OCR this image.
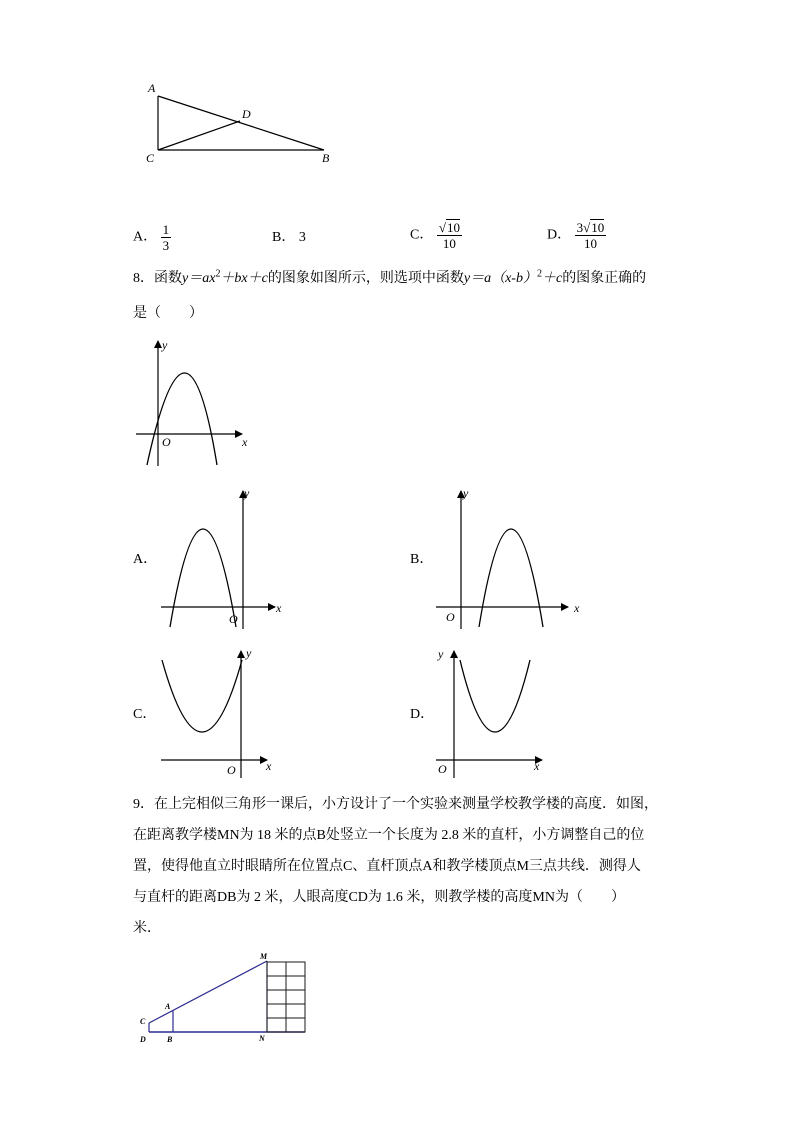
A
D
C	B
A． $\frac{1}{3}$	B． 3	C． $\frac{√10}{10}$	D． $\frac{3√10}{10}$
8．函数$y=ax^2+bx+c$的图象如图所示，则选项中函数$y=a(x-b)^2+c$的图象正确的
是（　　）
y
x
O
A．
y
x
O
B．
y
x
O
C．
y
x
O
D．
y
x
O
9．在上完相似三角形一课后，小方设计了一个实验来测量学校教学楼的高度．如图，
在距离教学楼MN为 18 米的点B处竖立一个长度为 2.8 米的直杆，小方调整自己的位
置，使得他直立时眼睛所在位置点C、直杆顶点A和教学楼顶点M三点共线．测得人
与直杆的距离DB为 2 米，人眼高度CD为 1.6 米，则教学楼的高度MN为（　　）
米．
M
A
C
D	B	N
